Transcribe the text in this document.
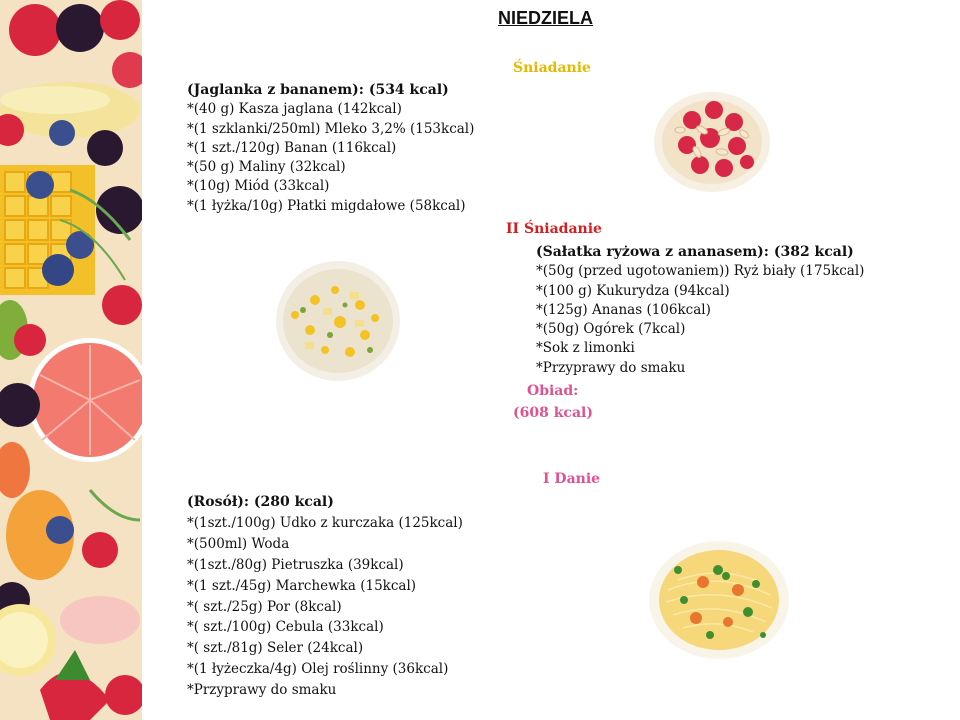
NIEDZIELA
Śniadanie
(Jaglanka z bananem): (534 kcal)
*(40 g) Kasza jaglana (142kcal)
*(1 szklanki/250ml) Mleko 3,2% (153kcal)
*(1 szt./120g) Banan (116kcal)
*(50 g) Maliny (32kcal)
*(10g) Miód (33kcal)
*(1 łyżka/10g) Płatki migdałowe (58kcal)
II Śniadanie
(Sałatka ryżowa z ananasem): (382 kcal)
*(50g (przed ugotowaniem)) Ryż biały (175kcal)
*(100 g) Kukurydza (94kcal)
*(125g) Ananas (106kcal)
*(50g) Ogórek (7kcal)
*Sok z limonki
*Przyprawy do smaku
Obiad:
(608 kcal)
I Danie
(Rosół): (280 kcal)
*(1szt./100g) Udko z kurczaka (125kcal)
*(500ml) Woda
*(1szt./80g) Pietruszka (39kcal)
*(1 szt./45g) Marchewka (15kcal)
*( szt./25g) Por (8kcal)
*( szt./100g) Cebula (33kcal)
*( szt./81g) Seler (24kcal)
*(1 łyżeczka/4g) Olej roślinny (36kcal)
*Przyprawy do smaku
